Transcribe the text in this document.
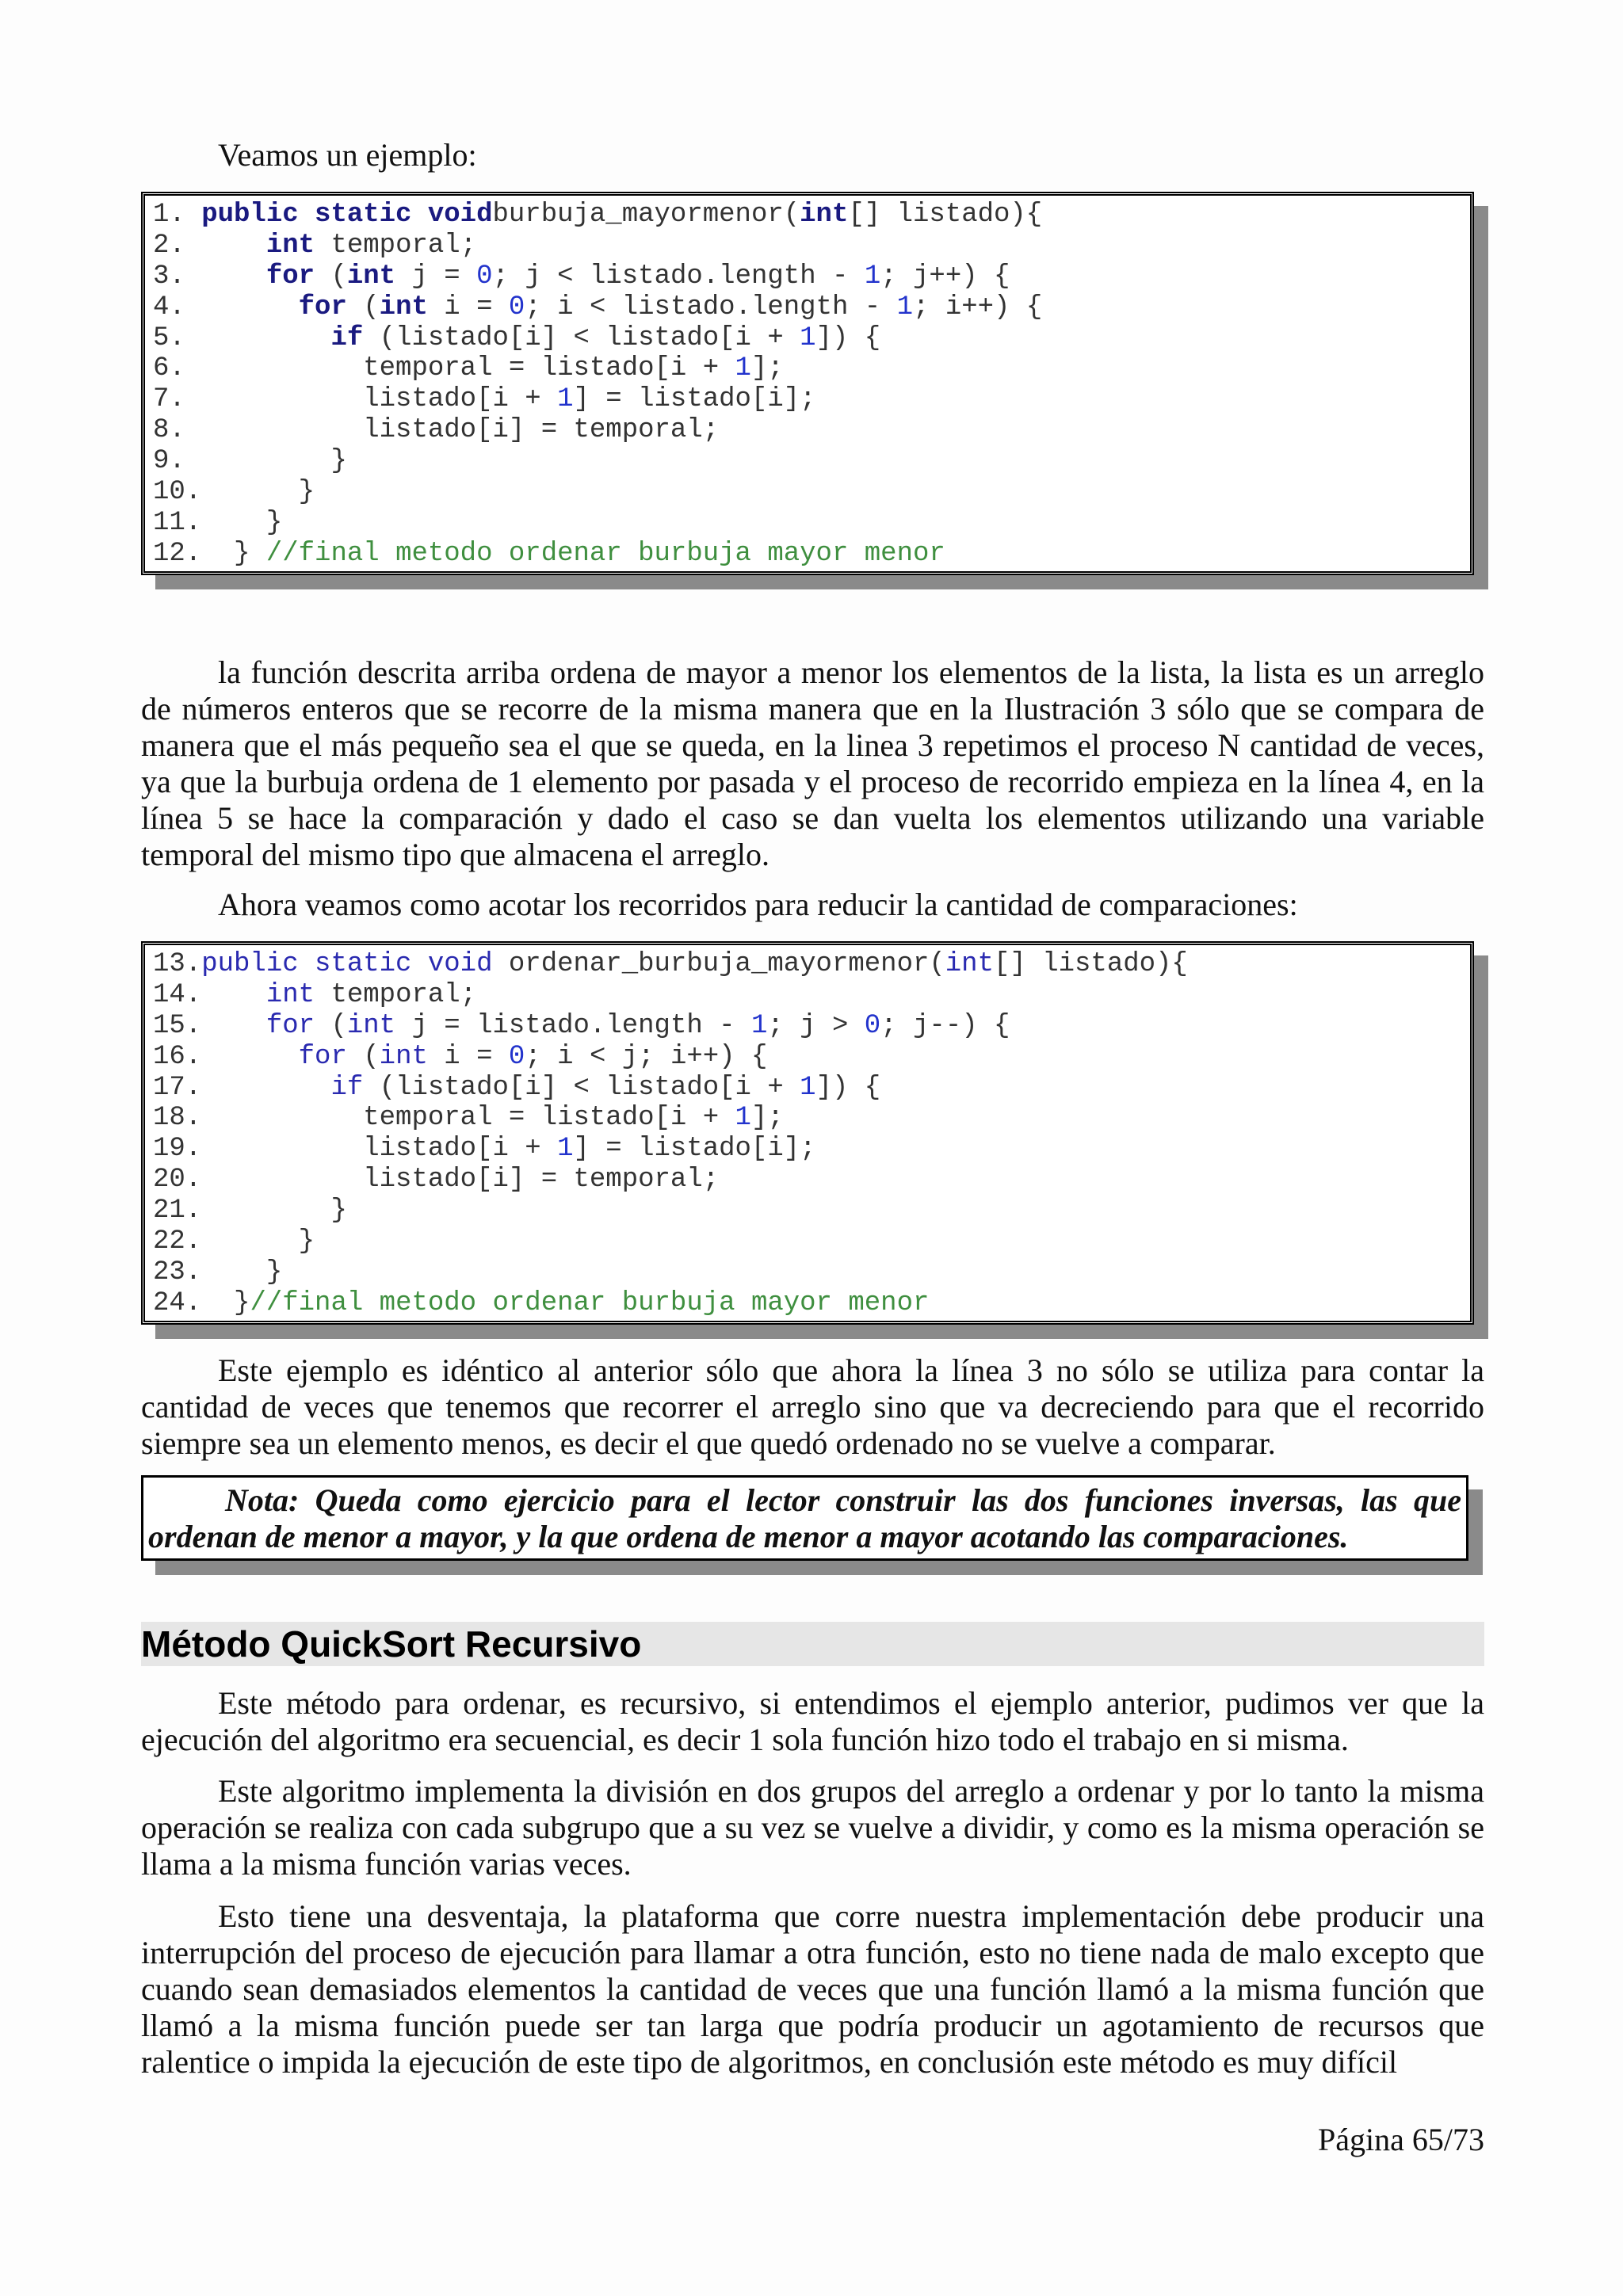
Veamos un ejemplo:

1. public static voidburbuja_mayormenor(int[] listado){
2.     int temporal;
3.     for (int j = 0; j < listado.length - 1; j++) {
4.	for (int i = 0; i < listado.length - 1; i++) {
5.	if (listado[i] < listado[i + 1]) {
6.           temporal = listado[i + 1];
7.           listado[i + 1] = listado[i];
8.           listado[i] = temporal;
9.         }
10.      }
11.    }
12.  } //final metodo ordenar burbuja mayor menor

la función descrita arriba ordena de mayor a menor los elementos de la lista, la lista es un arreglo de números enteros que se recorre de la misma manera que en la Ilustración 3 sólo que se compara de manera que el más pequeño sea el que se queda, en la linea 3 repetimos el proceso N cantidad de veces, ya que la burbuja ordena de 1 elemento por pasada y el proceso de recorrido empieza en la línea 4, en la línea 5 se hace la comparación y dado el caso se dan vuelta los elementos utilizando una variable temporal del mismo tipo que almacena el arreglo.

Ahora veamos como acotar los recorridos para reducir la cantidad de comparaciones:

13.public static void ordenar_burbuja_mayormenor(int[] listado){
14. int temporal;
15. for (int j = listado.length - 1; j > 0; j--) {
16.	for (int i = 0; i < j; i++) {
17.	if (listado[i] < listado[i + 1]) {
18.          temporal = listado[i + 1];
19.          listado[i + 1] = listado[i];
20.          listado[i] = temporal;
21.        }
22.      }
23.    }
24.  }//final metodo ordenar burbuja mayor menor

Este ejemplo es idéntico al anterior sólo que ahora la línea 3 no sólo se utiliza para contar la cantidad de veces que tenemos que recorrer el arreglo sino que va decreciendo para que el recorrido siempre sea un elemento menos, es decir el que quedó ordenado no se vuelve a comparar.

Nota: Queda como ejercicio para el lector construir las dos funciones inversas, las que ordenan de menor a mayor, y la que ordena de menor a mayor acotando las comparaciones.
Método QuickSort Recursivo

Este método para ordenar, es recursivo, si entendimos el ejemplo anterior, pudimos ver que la ejecución del algoritmo era secuencial, es decir 1 sola función hizo todo el trabajo en si misma.

Este algoritmo implementa la división en dos grupos del arreglo a ordenar y por lo tanto la misma operación se realiza con cada subgrupo que a su vez se vuelve a dividir, y como es la misma operación se llama a la misma función varias veces.

Esto tiene una desventaja, la plataforma que corre nuestra implementación debe producir una interrupción del proceso de ejecución para llamar a otra función, esto no tiene nada de malo excepto que cuando sean demasiados elementos la cantidad de veces que una función llamó a la misma función que llamó a la misma función puede ser tan larga que podría producir un agotamiento de recursos que ralentice o impida la ejecución de este tipo de algoritmos, en conclusión este método es muy difícil

Página 65/73
